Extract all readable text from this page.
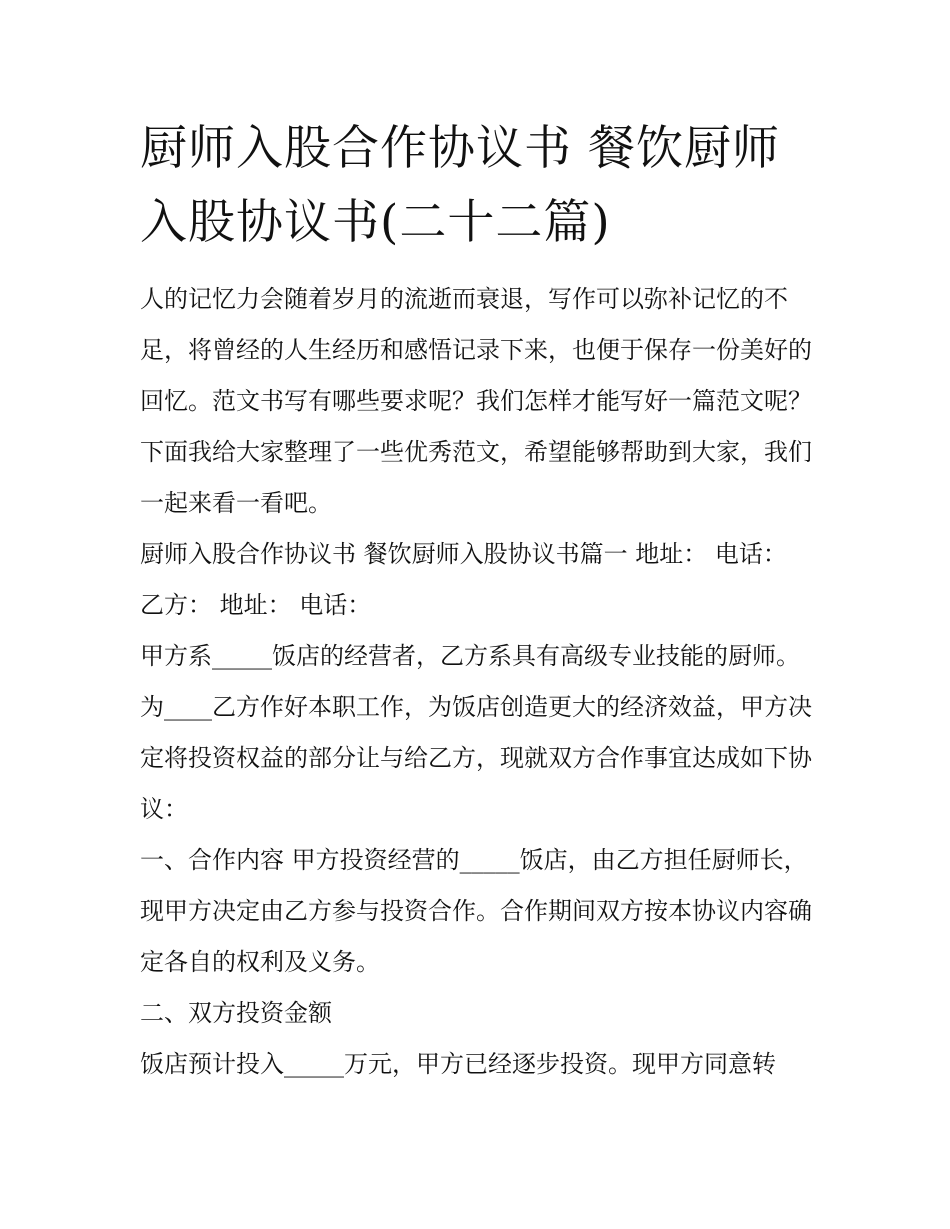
厨师入股合作协议书 餐饮厨师入股协议书(二十二篇)

人的记忆力会随着岁月的流逝而衰退，写作可以弥补记忆的不足，将曾经的人生经历和感悟记录下来，也便于保存一份美好的回忆。范文书写有哪些要求呢？我们怎样才能写好一篇范文呢？下面我给大家整理了一些优秀范文，希望能够帮助到大家，我们一起来看一看吧。

厨师入股合作协议书 餐饮厨师入股协议书篇一 地址： 电话：

乙方： 地址： 电话：

甲方系_____饭店的经营者，乙方系具有高级专业技能的厨师。为____乙方作好本职工作，为饭店创造更大的经济效益，甲方决定将投资权益的部分让与给乙方，现就双方合作事宜达成如下协议：

一、合作内容 甲方投资经营的_____饭店，由乙方担任厨师长，现甲方决定由乙方参与投资合作。合作期间双方按本协议内容确定各自的权利及义务。

二、双方投资金额

饭店预计投入_____万元，甲方已经逐步投资。现甲方同意转
